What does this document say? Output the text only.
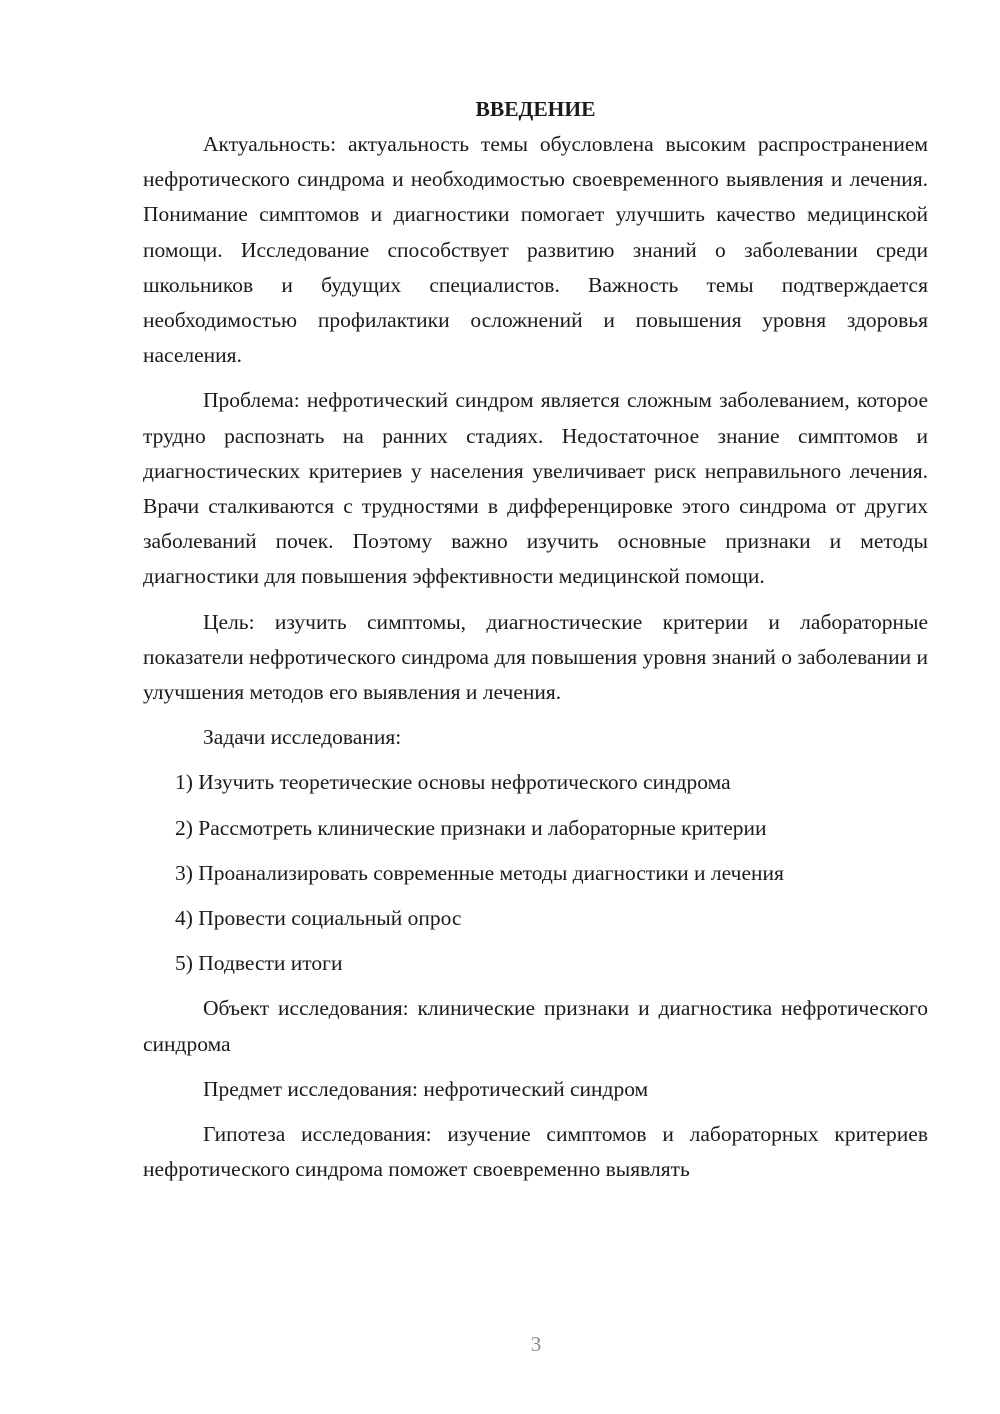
ВВЕДЕНИЕ

Актуальность: актуальность темы обусловлена высоким распространением нефротического синдрома и необходимостью своевременного выявления и лечения. Понимание симптомов и диагностики помогает улучшить качество медицинской помощи. Исследование способствует развитию знаний о заболевании среди школьников и будущих специалистов. Важность темы подтверждается необходимостью профилактики осложнений и повышения уровня здоровья населения.

Проблема: нефротический синдром является сложным заболеванием, которое трудно распознать на ранних стадиях. Недостаточное знание симптомов и диагностических критериев у населения увеличивает риск неправильного лечения. Врачи сталкиваются с трудностями в дифференцировке этого синдрома от других заболеваний почек. Поэтому важно изучить основные признаки и методы диагностики для повышения эффективности медицинской помощи.

Цель: изучить симптомы, диагностические критерии и лабораторные показатели нефротического синдрома для повышения уровня знаний о заболевании и улучшения методов его выявления и лечения.

Задачи исследования:

1) Изучить теоретические основы нефротического синдрома

2) Рассмотреть клинические признаки и лабораторные критерии

3) Проанализировать современные методы диагностики и лечения

4) Провести социальный опрос

5) Подвести итоги

Объект исследования: клинические признаки и диагностика нефротического синдрома

Предмет исследования: нефротический синдром

Гипотеза исследования: изучение симптомов и лабораторных критериев нефротического синдрома поможет своевременно выявлять

3
